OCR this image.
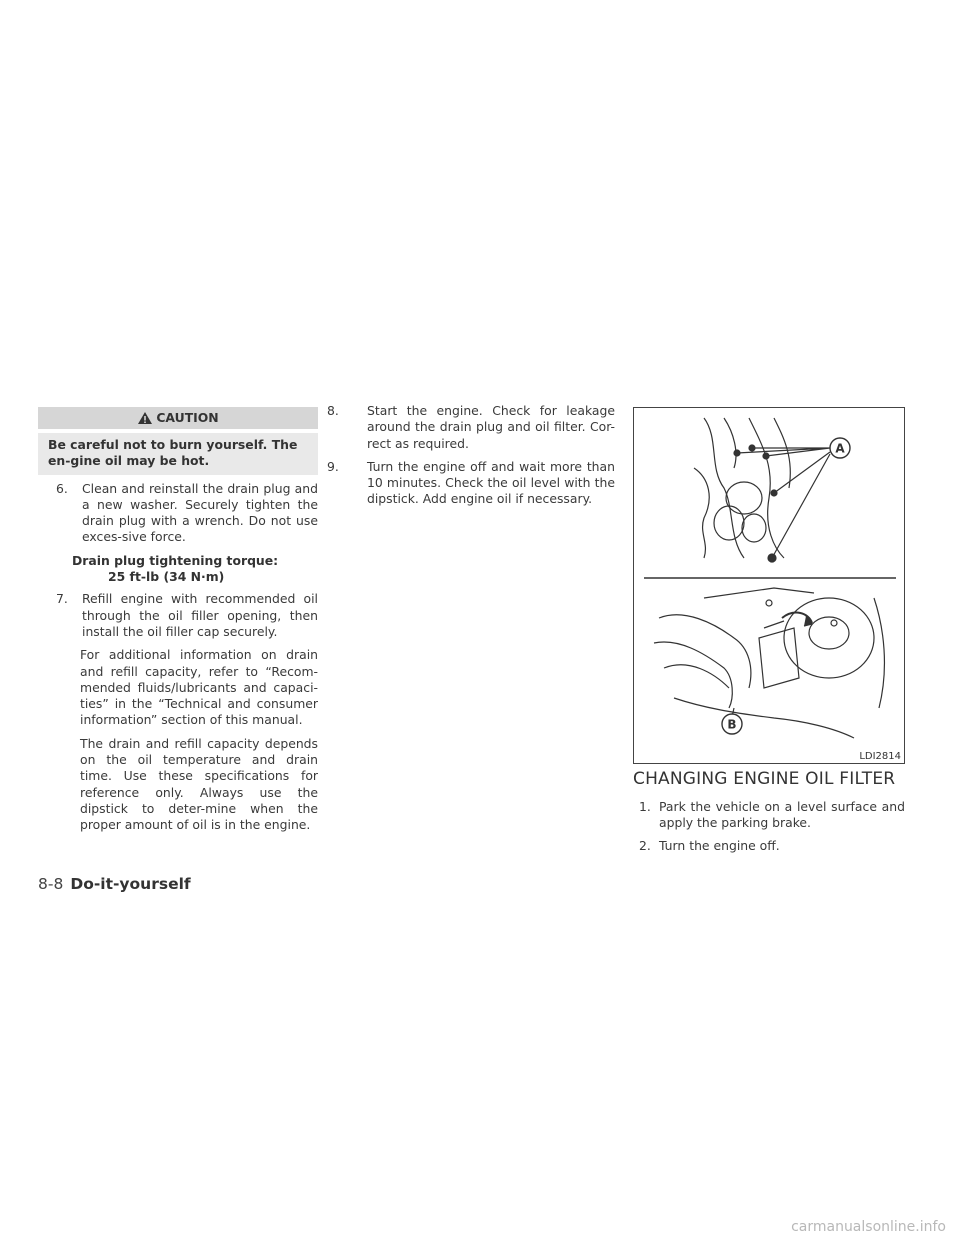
CAUTION
Be careful not to burn yourself. The en-gine oil may be hot.
6. Clean and reinstall the drain plug and a new washer. Securely tighten the drain plug with a wrench. Do not use exces-sive force.
Drain plug tightening torque:
25 ft-lb (34 N·m)
7. Refill engine with recommended oil through the oil filler opening, then install the oil filler cap securely.
For additional information on drain and refill capacity, refer to “Recom-mended fluids/lubricants and capaci-ties” in the “Technical and consumer information” section of this manual.
The drain and refill capacity depends on the oil temperature and drain time. Use these specifications for reference only. Always use the dipstick to deter-mine when the proper amount of oil is in the engine.
8. Start the engine. Check for leakage around the drain plug and oil filter. Cor-rect as required.
9. Turn the engine off and wait more than 10 minutes. Check the oil level with the dipstick. Add engine oil if necessary.
A
B
LDI2814
CHANGING ENGINE OIL FILTER
1. Park the vehicle on a level surface and apply the parking brake.
2. Turn the engine off.
8-8 Do-it-yourself
carmanualsonline.info
